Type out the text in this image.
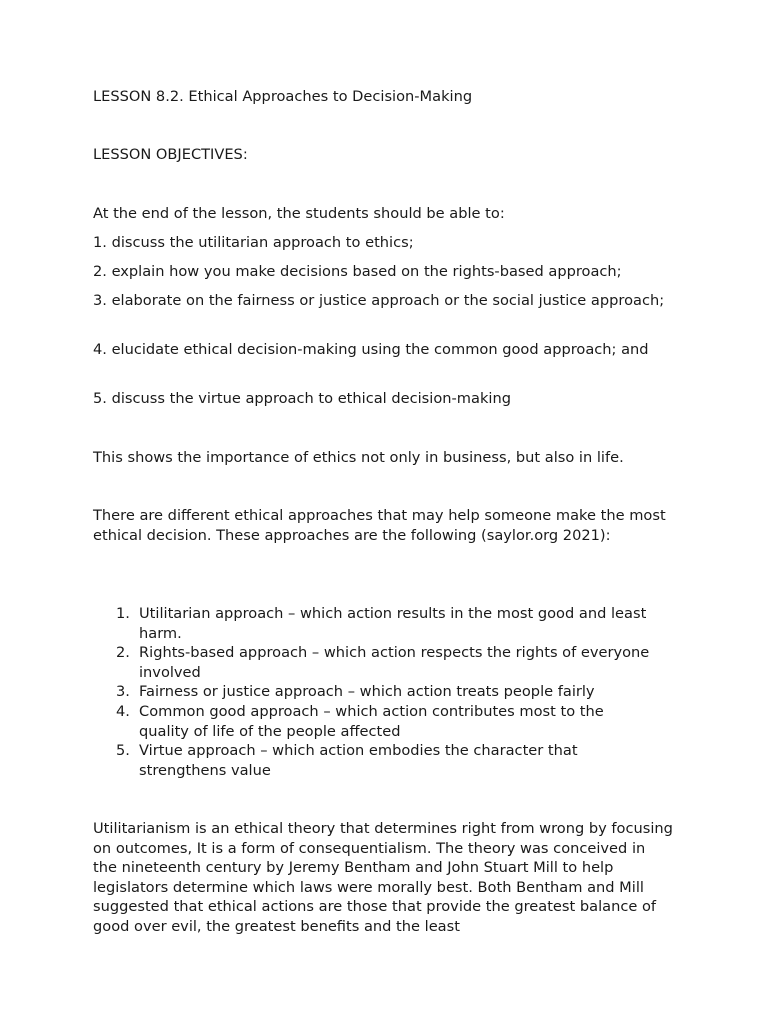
LESSON 8.2. Ethical Approaches to Decision-Making
LESSON OBJECTIVES:
At the end of the lesson, the students should be able to:
1. discuss the utilitarian approach to ethics;
2. explain how you make decisions based on the rights-based approach;
3. elaborate on the fairness or justice approach or the social justice approach;
4. elucidate ethical decision-making using the common good approach; and
5. discuss the virtue approach to ethical decision-making
This shows the importance of ethics not only in business, but also in life.
There are different ethical approaches that may help someone make the most ethical decision. These approaches are the following (saylor.org 2021):
1. Utilitarian approach – which action results in the most good and least harm.
2. Rights-based approach – which action respects the rights of everyone involved
3. Fairness or justice approach – which action treats people fairly
4. Common good approach – which action contributes most to the quality of life of the people affected
5. Virtue approach – which action embodies the character that strengthens value
Utilitarianism is an ethical theory that determines right from wrong by focusing on outcomes, It is a form of consequentialism. The theory was conceived in the nineteenth century by Jeremy Bentham and John Stuart Mill to help legislators determine which laws were morally best. Both Bentham and Mill suggested that ethical actions are those that provide the greatest balance of good over evil, the greatest benefits and the least
